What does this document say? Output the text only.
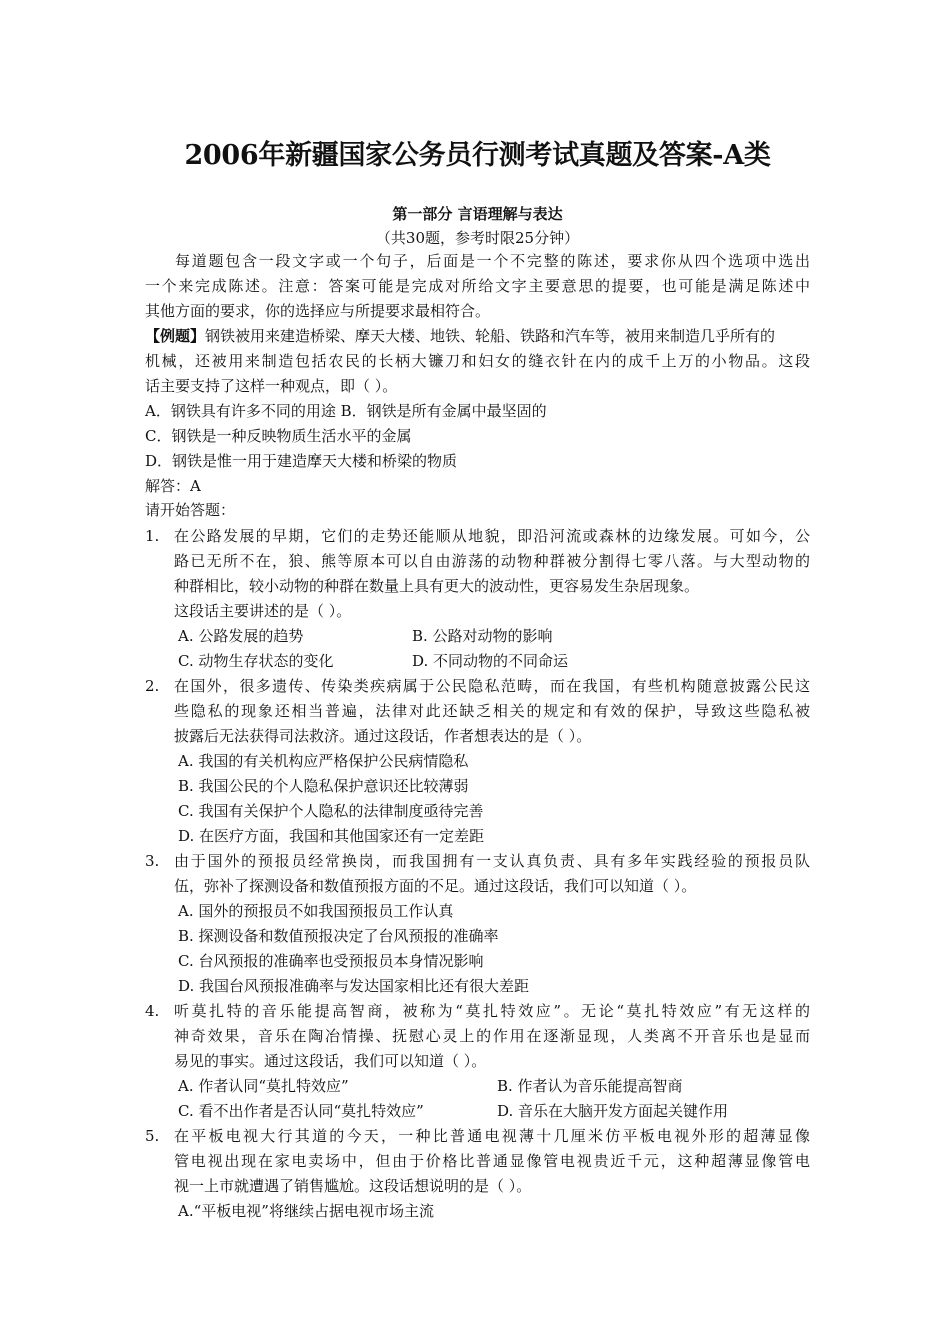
2006年新疆国家公务员行测考试真题及答案-A类
第一部分 言语理解与表达
（共30题，参考时限25分钟）
每道题包含一段文字或一个句子，后面是一个不完整的陈述，要求你从四个选项中选出
一个来完成陈述。注意：答案可能是完成对所给文字主要意思的提要，也可能是满足陈述中
其他方面的要求，你的选择应与所提要求最相符合。
【例题】钢铁被用来建造桥梁、摩天大楼、地铁、轮船、铁路和汽车等，被用来制造几乎所有的
机械，还被用来制造包括农民的长柄大镰刀和妇女的缝衣针在内的成千上万的小物品。这段
话主要支持了这样一种观点，即（ ）。
A．钢铁具有许多不同的用途 B．钢铁是所有金属中最坚固的
C．钢铁是一种反映物质生活水平的金属
D．钢铁是惟一用于建造摩天大楼和桥梁的物质
解答：A
请开始答题：
1. 在公路发展的早期，它们的走势还能顺从地貌，即沿河流或森林的边缘发展。可如今，公
路已无所不在，狼、熊等原本可以自由游荡的动物种群被分割得七零八落。与大型动物的
种群相比，较小动物的种群在数量上具有更大的波动性，更容易发生杂居现象。
这段话主要讲述的是（ ）。
A. 公路发展的趋势	B. 公路对动物的影响
C. 动物生存状态的变化	D. 不同动物的不同命运
2. 在国外，很多遗传、传染类疾病属于公民隐私范畴，而在我国，有些机构随意披露公民这
些隐私的现象还相当普遍，法律对此还缺乏相关的规定和有效的保护，导致这些隐私被
披露后无法获得司法救济。通过这段话，作者想表达的是（ ）。
A. 我国的有关机构应严格保护公民病情隐私
B. 我国公民的个人隐私保护意识还比较薄弱
C. 我国有关保护个人隐私的法律制度亟待完善
D. 在医疗方面，我国和其他国家还有一定差距
3. 由于国外的预报员经常换岗，而我国拥有一支认真负责、具有多年实践经验的预报员队
伍，弥补了探测设备和数值预报方面的不足。通过这段话，我们可以知道（ ）。
A. 国外的预报员不如我国预报员工作认真
B. 探测设备和数值预报决定了台风预报的准确率
C. 台风预报的准确率也受预报员本身情况影响
D. 我国台风预报准确率与发达国家相比还有很大差距
4. 听莫扎特的音乐能提高智商，被称为“莫扎特效应”。无论“莫扎特效应”有无这样的
神奇效果，音乐在陶冶情操、抚慰心灵上的作用在逐渐显现，人类离不开音乐也是显而
易见的事实。通过这段话，我们可以知道（ ）。
A. 作者认同“莫扎特效应”	B. 作者认为音乐能提高智商
C. 看不出作者是否认同“莫扎特效应”	D. 音乐在大脑开发方面起关键作用
5. 在平板电视大行其道的今天，一种比普通电视薄十几厘米仿平板电视外形的超薄显像
管电视出现在家电卖场中，但由于价格比普通显像管电视贵近千元，这种超薄显像管电
视一上市就遭遇了销售尴尬。这段话想说明的是（ ）。
A.“平板电视”将继续占据电视市场主流
